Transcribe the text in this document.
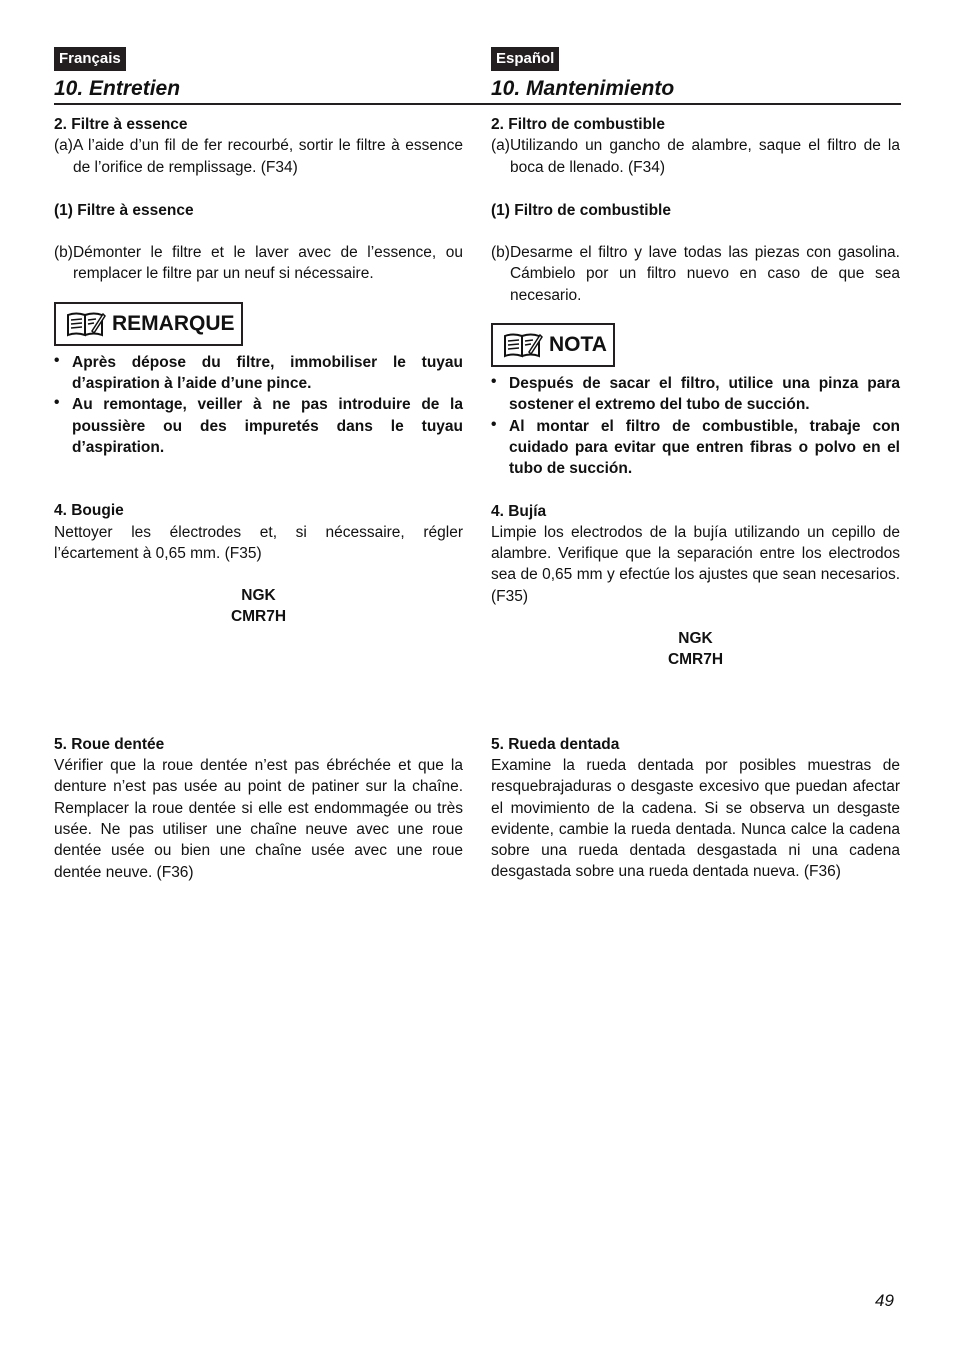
Français
10. Entretien
Español
10. Mantenimiento

2. Filtre à essence

(a) A l’aide d’un fil de fer recourbé, sortir le filtre à essence de l’orifice de remplissage. (F34)

(1) Filtre à essence

(b) Démonter le filtre et le laver avec de l’essence, ou remplacer le filtre par un neuf si nécessaire.

REMARQUE
• Après dépose du filtre, immobiliser le tuyau d’aspiration à l’aide d’une pince.

• Au remontage, veiller à ne pas introduire de la poussière ou des impuretés dans le tuyau d’aspiration.

4. Bougie

Nettoyer les électrodes et, si nécessaire, régler l’écartement à 0,65 mm. (F35)

NGK

CMR7H

5. Roue dentée

Vérifier que la roue dentée n’est pas ébréchée et que la denture n’est pas usée au point de patiner sur la chaîne. Remplacer la roue dentée si elle est endommagée ou très usée. Ne pas utiliser une chaîne neuve avec une roue dentée usée ou bien une chaîne usée avec une roue dentée neuve. (F36)

2. Filtro de combustible

(a) Utilizando un gancho de alambre, saque el filtro de la boca de llenado. (F34)

(1) Filtro de combustible

(b) Desarme el filtro y lave todas las piezas con gasolina. Cámbielo por un filtro nuevo en caso de que sea necesario.

NOTA
• Después de sacar el filtro, utilice una pinza para sostener el extremo del tubo de succión.

• Al montar el filtro de combustible, trabaje con cuidado para evitar que entren fibras o polvo en el tubo de succión.

4. Bujía

Limpie los electrodos de la bujía utilizando un cepillo de alambre. Verifique que la separación entre los electrodos sea de 0,65 mm y efectúe los ajustes que sean necesarios. (F35)

NGK

CMR7H

5. Rueda dentada

Examine la rueda dentada por posibles muestras de resquebrajaduras o desgaste excesivo que puedan afectar el movimiento de la cadena. Si se observa un desgaste evidente, cambie la rueda dentada. Nunca calce la cadena sobre una rueda dentada desgastada ni una cadena desgastada sobre una rueda dentada nueva. (F36)

49
